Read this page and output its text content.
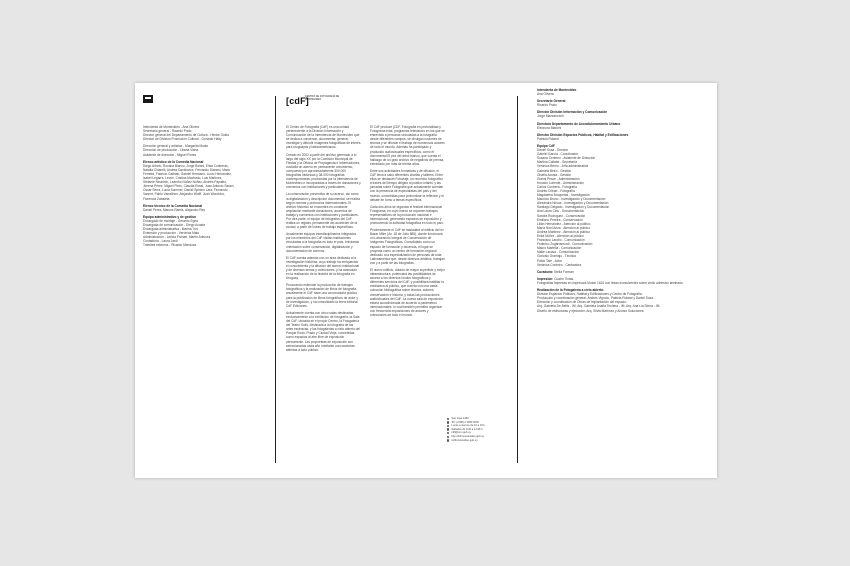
[cdF]
CENTRO DE FOTOGRAFÍA DE MONTEVIDEO
Intendenta de Montevideo - Ana Olivera
Secretario general - Ricardo Prato
Director general del Departamento de Cultura - Héctor Guido
Director de División Promoción Cultural - Gonzalo Halty
Dirección general y artística - Margarita Musto
Dirección de producción - Liliana Viana
Asistente de dirección - Miguel Flores
Elenco artístico de la Comedia Nacional
Diego Arbelo, Roxana Blanco, Jorge Bolani, Elisa Contreras,
Natalia Chiarelli, Andrea Davidovics, Fernando Dianesi, Mario
Ferreira, Fabricio Galbiati, Gabriel Hermano, Lucio Hernández,
Isabel Legarra, Levón, Cristina Machado, Luis Martínez,
Stefanie Neukirch, Leandro Núñez Núñez, Andrés Papaleo,
Jimena Pérez, Miguel Pinto, Claudia Rossi, Juan Antonio Saraví,
Oscar Serra, Lucía Sommer, Daniel Spinino Lara, Fernando
Vannet, Pablo Varrailhon, Alejandro Wolff, Juan Worobiov,
Florencia Zabaleta
Elenco técnico de la Comedia Nacional
Daniel Pérez, Marcos Ramis, Alejandro Rey
Equipo administrativo y de gestión
Encargado de montaje - Gerardo Egea
Encargada de comunicación - Diego Acosta
Encargada administrativa - Marina Tort
Extensión y producción - Verónica Mato
Administración - Leticia Prchart, Martín Antúnez
Contaduría - Laura Jardí
Trámites externos - Ricardo Mendoza

El Centro de Fotografía (CdF) es una unidad perteneciente a la División Información y Comunicación de la Intendencia de Montevideo que se dedica a conservar, documentar, generar, investigar y difundir imágenes fotográficas de interés para uruguayos y latinoamericanos.

Creado en 2002 a partir del archivo generado a lo largo del siglo XX por la Comisión Municipal de Fiestas y la Oficina de Propaganda e Informaciones, custodia un acervo en permanente crecimiento, compuesto por aproximadamente 300.000 fotografías históricas y 38.000 fotografías contemporáneas, producidas por la Intendencia de Montevideo e incorporadas a través de donaciones y convenios con instituciones y particulares.

La conservación preventiva de su acervo, así como la digitalización y descripción documental, se realiza según normas y protocolos internacionales. El archivo histórico se encuentra en constante ampliación mediante donaciones, acuerdos de trabajo y convenios con instituciones y particulares. Por otra parte, el equipo de fotógrafos del CdF realiza un registro permanente del acontecer de la ciudad, a partir de líneas de trabajo específicas.

Anualmente equipos interdisciplinarios integrados por los miembros del CdF visitan instituciones vinculadas a la fotografía en todo el país, brindando orientación sobre conservación, digitalización y documentación de acervos.

El CdF cuenta además con un área dedicada a la investigación histórica, cuyo trabajo ha enriquecido el conocimiento y la difusión del acervo institucional y de diversos temas y colecciones, y ha avanzado en la realización de la historia de la fotografía en Uruguay.

Procurando estimular la producción de trabajos fotográficos y la realización de libros de fotografía, anualmente el CdF hace una convocatoria pública para la publicación de libros fotográficos de autor y de investigación, y ha consolidado la línea editorial CdF Ediciones.

Actualmente cuenta con cinco salas destinadas exclusivamente a la exhibición de fotografía: la Sala del CdF, ubicada en el propio Centro, la Fotogalería del Teatro Solís, destinada a la fotografía de las artes escénicas, y las fotogalerías a cielo abierto del Parque Rodó, Prado y Ciudad Vieja, concebidas como espacios al aire libre de exposición permanente. Las propuestas de exposición son seleccionadas cada año mediante convocatorias abiertas a todo público.

El CdF produce jCDF, Fotografía en profundidad y Fotograma total, programas televisivos en los que se entrevista a personas vinculadas a la fotografía desde diferentes campos, se divulgan nociones de técnica y se difunde el trabajo de numerosos autores de todo el mundo. Además ha participado y producido audiovisuales específicos, como el documental El pez del árbol blanco, que cuenta el hallazgo de un gran archivo de negativos de prensa, extraviado por más de treinta años.

Entre sus actividades formativas y de difusión, el CdF lleva a cabo diferentes charlas y talleres. Entre ellos se destacan Fotoviaje, un recorrido fotográfico a través del tiempo dirigido al público infantil, y las jornadas sobre Fotografía que actualmente cuentan con la presencia de especialistas del país y del mundo, concebidas para profundizar la reflexión y el debate en torno a temas específicos.

Cada dos años se organiza el festival internacional Fotograma, en cuyo marco se exponen trabajos representativos de la producción nacional e internacional, generando espacios de exposición y promoviendo la actividad fotográfica en todo el país.

Próximamente el CdF se trasladará al edificio del ex Bazar Mitre (Av. 18 de Julio 885), donde funcionará un Laboratorio Integral de Conservación de Imágenes Fotográficas. Consolidado como un espacio de formación y docencia, el lugar se proyecta como un centro de formación regional dedicado a la especialización de personas de toda Latinoamérica que, desde diversos ámbitos, trabajan con y a partir de las fotografías.

El nuevo edificio, dotado de mayor superficie y mejor infraestructura, potenciará las posibilidades de acceso a los diversos fondos fotográficos y diferentes servicios del CdF, y posibilitará habilitar la mediateca al público, que cuenta con una vasta colección bibliográfica sobre técnica, autores, conservación e historia, y todas las producciones audiovisuales del CdF. La nueva sala de exposición estará acondicionada de acuerdo a parámetros internacionales, lo cual también permitirá organizar con frecuencia exposiciones de autores y colecciones de todo el mundo.

San José 1360
Tel: (+598) 2 1950 0236
Lunes a viernes de 10 a 19 h
Sábados de 9:30 a 14:30 h
cdf@imm.gub.uy
http://cdf.montevideo.gub.uy
/cdfmontevideo.gub.uy
Intendenta de Montevideo
Ana Olivera
Secretario General
Ricardo Prato
Director División Información y Comunicación
Jorge Mazzarovich
Directora Departamento de Acondicionamiento Urbano
Eleonora Bianchi
Director División Espacios Públicos, Hábitat y Edificaciones
Patricia Roland
Equipo CdF
Daniel Sosa - Director
Gabriel García - Coordinador
Susana Centeno - Asistente de Dirección
Martina Callaba - Secretaría
Verónica Berrio - Jefa administrativa
Gabriela Beiro - Gestión
Gisella Acosta - Gestión
Gianni Pesce - Administración
Horacio Loriente - Administración
Carlos Contrera - Fotografía
Andrés Cribari - Fotografía
Magdalena Broquetas - Investigación
Mauricio Bruno - Investigación y Documentación
Alexandra Nóvoa - Investigación y Documentación
Santiago Delgado - Investigación y Documentación
Ana Laura Cirio - Documentación
Sandra Rodríguez - Conservación
Emiliano Pereira - Conservación
Lilián Hernández - Atención al público
María Noel Ariza - Atención al público
Andrea Martínez - Atención al público
Erika Núñez - Atención al público
Francisco Landro - Comunicación
Federico Zugarramurdi - Comunicación
Mauro Martella - Comunicación
Maite Lacava - Comunicación
Gonzalo Gramajo - Técnica
Pablo Tate - Actor
Verónica Cordeiro - Cantautora
Curaduría: Stella Forman
Impresión: Cuatro Tintas.
Fotografías impresas en impresora Mutoh 1624 con tintas ecosolventes sobre vinilo adhesivo laminado.
Realización de la Fotogalería a cielo abierto:
División Espacios Públicos, Hábitat y Edificaciones y Centro de Fotografía.
Producción y coordinación general: Andrés Vignolo, Patricia Roland y Daniel Sosa.
Dirección y coordinación de Obras de implantación del espacio:
Arq. Gabriela De Bellis - IM, Arq. Gabriela Anaña Techera - IM, Arq. Ana Lía Sierra - IM.
Diseño de estructuras y ejecución: Arq. Silvia Martínez y Alonso Soluciones.
